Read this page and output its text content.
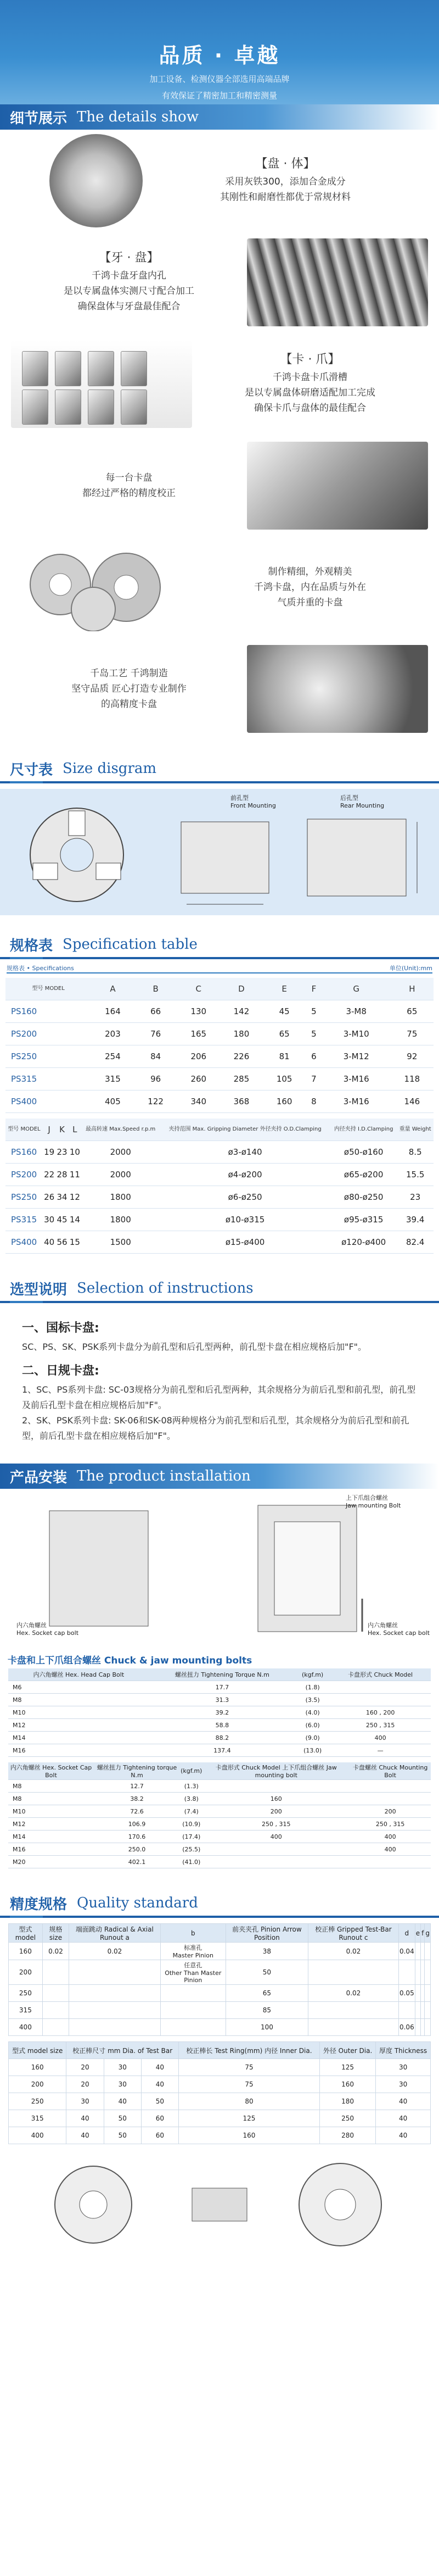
品质 · 卓越
加工设备、检测仪器全部选用高端品牌
有效保证了精密加工和精密测量
细节展示 The details show
【盘 · 体】
采用灰铁300，添加合金成分
其刚性和耐磨性都优于常规材料
【牙 · 盘】
千鸿卡盘牙盘内孔
是以专属盘体实测尺寸配合加工
确保盘体与牙盘最佳配合
【卡 · 爪】
千鸿卡盘卡爪滑槽
是以专属盘体研磨适配加工完成
确保卡爪与盘体的最佳配合
每一台卡盘
都经过严格的精度校正
制作精细，外观精美
千鸿卡盘，内在品质与外在
气质并重的卡盘
千岛工艺 千鸿制造
坚守品质 匠心打造专业制作
的高精度卡盘
尺寸表 Size disgram
前孔型
Front Mounting
后孔型
Rear Mounting
规格表 Specification table
规格表 • Specifications	单位(Unit):mm
型号 MODEL	A	B	C	D	E	F	G	H
PS160	164	66	130	142	45	5	3-M8	65
PS200	203	76	165	180	65	5	3-M10	75
PS250	254	84	206	226	81	6	3-M12	92
PS315	315	96	260	285	105	7	3-M16	118
PS400	405	122	340	368	160	8	3-M16	146
型号 MODEL	J	K	L	最高转速 Max.Speed r.p.m	夹持范围 Max. Gripping Diameter 外径夹持 O.D.Clamping	内径夹持 I.D.Clamping	重量 Weight
PS160	19	23	10	2000	ø3-ø140	ø50-ø160	8.5
PS200	22	28	11	2000	ø4-ø200	ø65-ø200	15.5
PS250	26	34	12	1800	ø6-ø250	ø80-ø250	23
PS315	30	45	14	1800	ø10-ø315	ø95-ø315	39.4
PS400	40	56	15	1500	ø15-ø400	ø120-ø400	82.4
选型说明 Selection of instructions
一、国标卡盘:
SC、PS、SK、PSK系列卡盘分为前孔型和后孔型两种，前孔型卡盘在相应规格后加"F"。
二、日规卡盘:
1、SC、PS系列卡盘: SC-03规格分为前孔型和后孔型两种，其余规格分为前后孔型和前孔型，前孔型及前后孔型卡盘在相应规格后加"F"。
2、SK、PSK系列卡盘: SK-06和SK-08两种规格分为前孔型和后孔型，其余规格分为前后孔型和前孔型，前后孔型卡盘在相应规格后加"F"。
产品安装 The product installation
上下爪组合螺丝
Jaw mounting Bolt
内六角螺丝
Hex. Socket cap bolt
内六角螺丝
Hex. Socket cap bolt
卡盘和上下爪组合螺丝 Chuck & jaw mounting bolts
内六角螺丝 Hex. Head Cap Bolt	螺丝扭力 Tightening Torque N.m	(kgf.m)	卡盘形式 Chuck Model
M6	17.7	(1.8)	
M8	31.3	(3.5)	
M10	39.2	(4.0)	160 , 200
M12	58.8	(6.0)	250 , 315
M14	88.2	(9.0)	400
M16	137.4	(13.0)	—
内六角螺丝 Hex. Socket Cap Bolt	螺丝扭力 Tightening torque N.m	(kgf.m)	卡盘形式 Chuck Model 上下爪组合螺丝 Jaw mounting bolt	卡盘螺丝 Chuck Mounting Bolt
M8	12.7	(1.3)		
M8	38.2	(3.8)	160	
M10	72.6	(7.4)	200	200
M12	106.9	(10.9)	250 , 315	250 , 315
M14	170.6	(17.4)	400	400
M16	250.0	(25.5)		400
M20	402.1	(41.0)		
精度规格 Quality standard
型式 model	规格 size	端面跳动 Radical & Axial Runout a	b	前夹夹孔 Pinion Arrow Position	校正棒 Gripped Test-Bar Runout c	d	e	f	g
160	0.02	0.02	标准孔
Master Pinion	38	0.02	0.04			
200			任意孔
Other Than Master Pinion	50					
250				65	0.02	0.05			
315				85					
400				100		0.06			
型式 model size	校正棒尺寸 mm Dia. of Test Bar			校正棒长 Test Ring(mm) 内径 Inner Dia.	外径 Outer Dia.	厚度 Thickness
160	20	30	40	75	125	30
200	20	30	40	75	160	30
250	30	40	50	80	180	40
315	40	50	60	125	250	40
400	40	50	60	160	280	40
